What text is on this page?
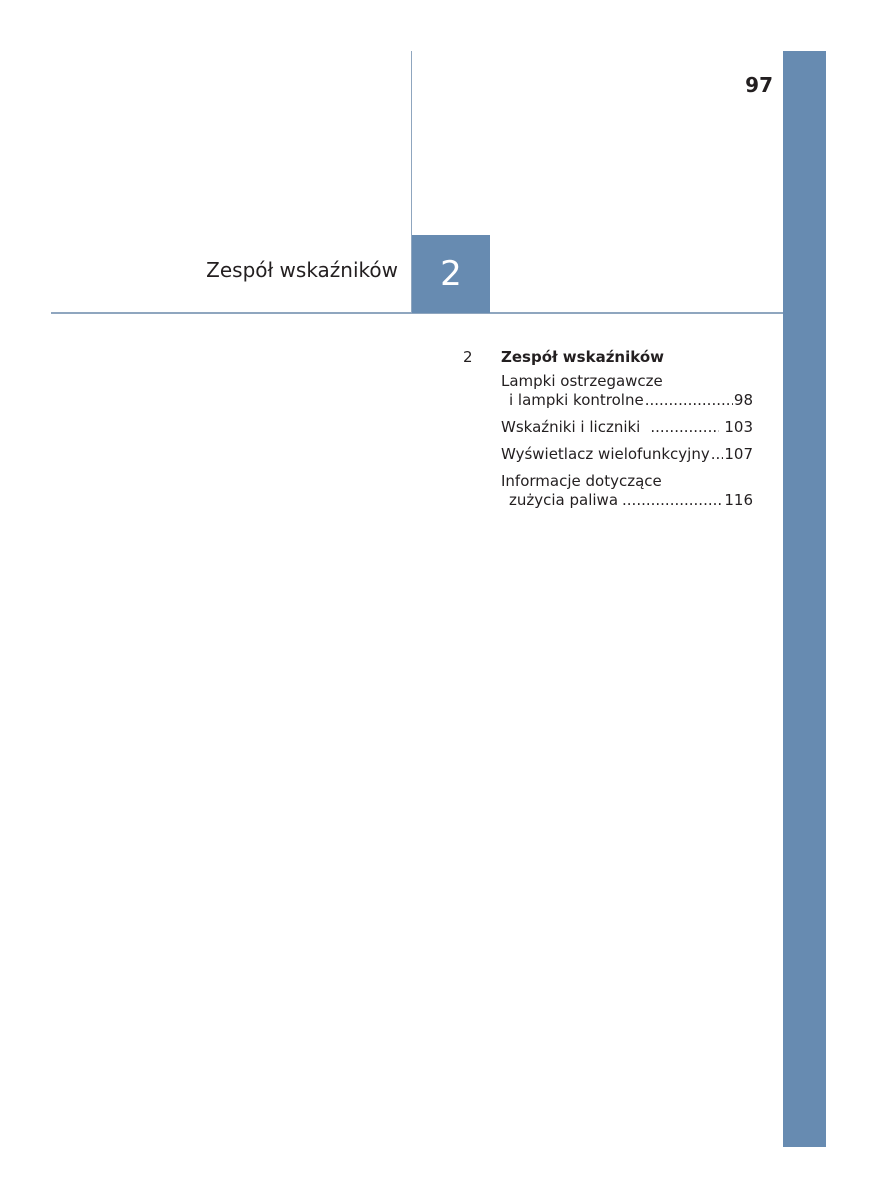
97
Zespół wskaźników 2
2	Zespół wskaźników
Lampki ostrzegawcze
i lampki kontrolne .....	98
Wskaźniki i liczniki .....	103
Wyświetlacz wielofunkcyjny ..... 107
Informacje dotyczące
zużycia paliwa .....	116
